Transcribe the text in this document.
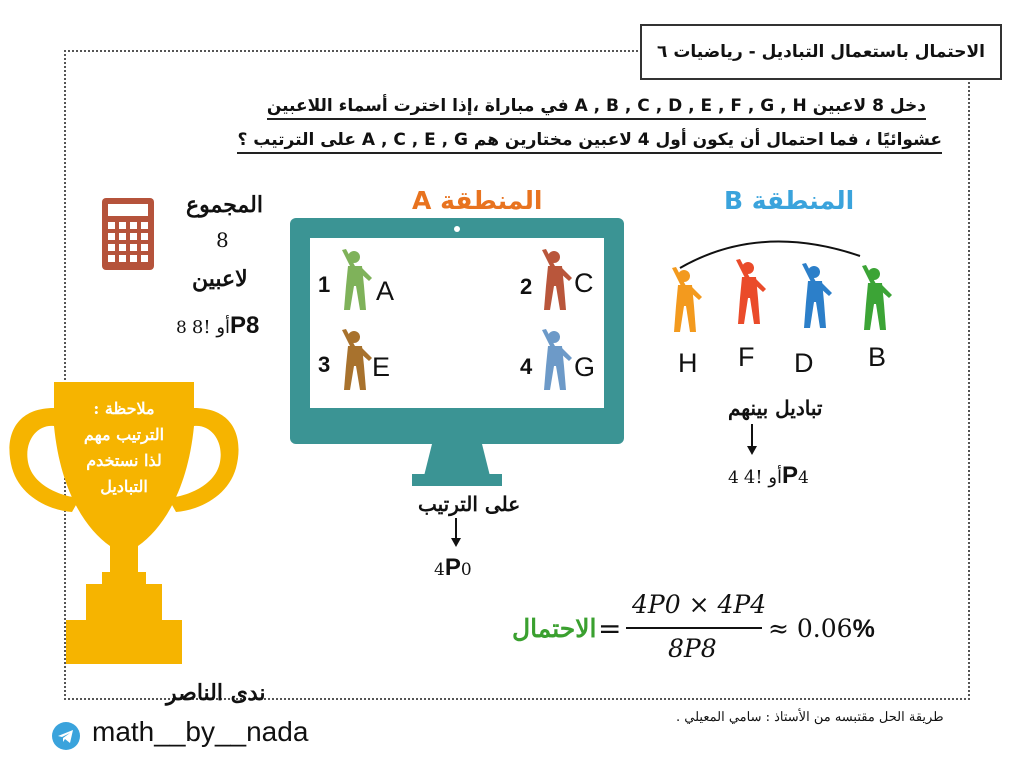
الاحتمال باستعمال التباديل - رياضيات ٦
دخل 8 لاعبين A , B , C , D , E , F , G , H في مباراة ،إذا اخترت أسماء اللاعبين
عشوائيًا ، فما احتمال أن يكون أول 4 لاعبين مختارين هم A , C , E , G على الترتيب ؟
المنطقة A	المنطقة B
المجموع
8
لاعبين
أو !8 8 P8
1 A	2 C
3 E	4 G	H F D B
تباديل بينهم
أو !4 4 P4
على الترتيب
4P0
ملاحظة :
الترتيب مهم
لذا نستخدم
التباديل
الاحتمال =
4P0 × 4P4
8P8
≈ 0.06%
ندى الناصر
math__by__nada	طريقة الحل مقتبسه من الأستاذ : سامي المعيلي .
